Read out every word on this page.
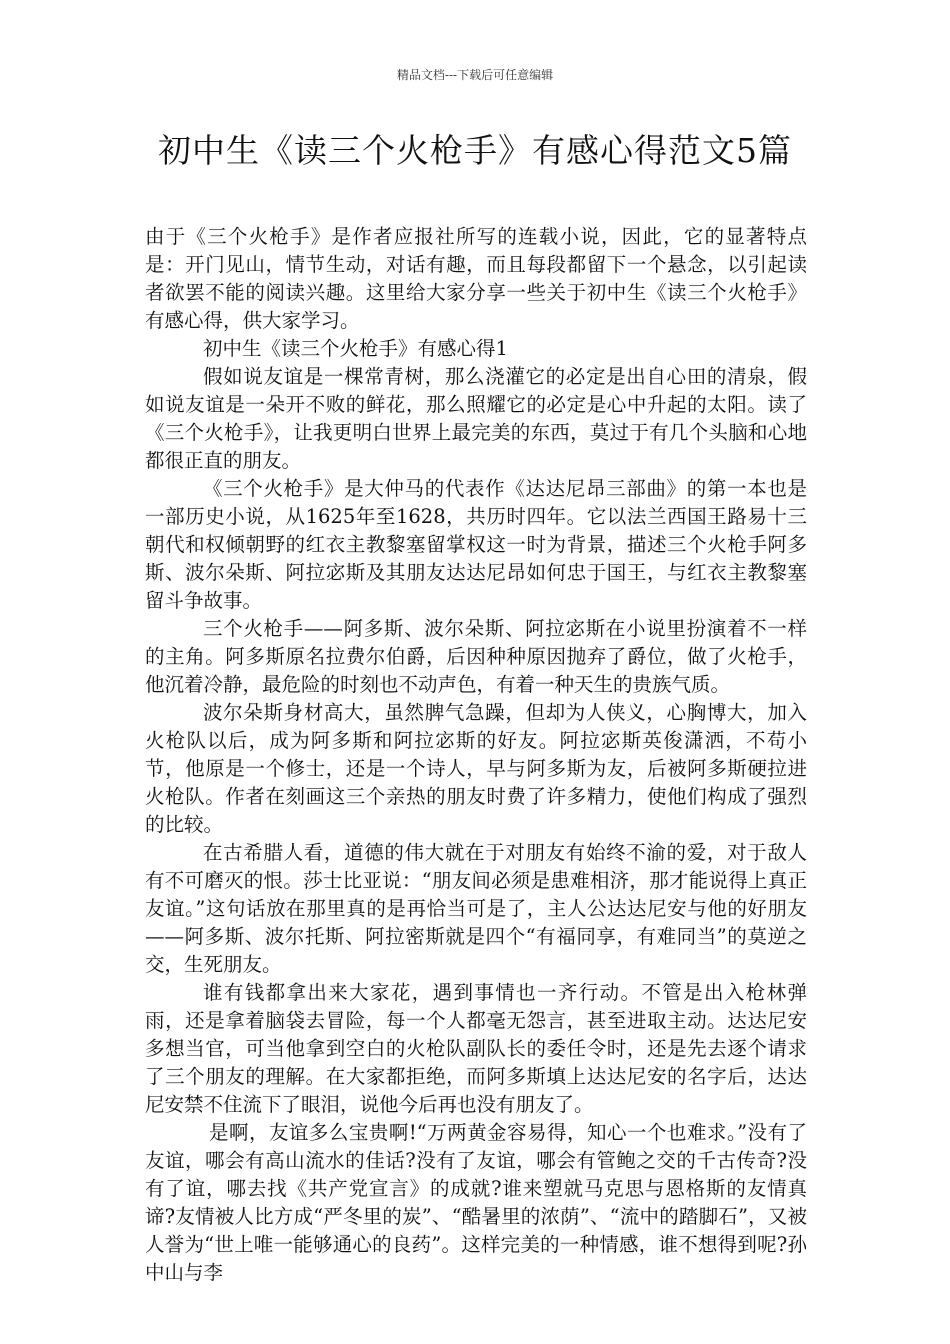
精品文档---下载后可任意编辑
初中生《读三个火枪手》有感心得范文5篇

由于《三个火枪手》是作者应报社所写的连载小说，因此，它的显著特点是：开门见山，情节生动，对话有趣，而且每段都留下一个悬念，以引起读者欲罢不能的阅读兴趣。这里给大家分享一些关于初中生《读三个火枪手》有感心得，供大家学习。

初中生《读三个火枪手》有感心得1

假如说友谊是一棵常青树，那么浇灌它的必定是出自心田的清泉，假如说友谊是一朵开不败的鲜花，那么照耀它的必定是心中升起的太阳。读了《三个火枪手》，让我更明白世界上最完美的东西，莫过于有几个头脑和心地都很正直的朋友。

《三个火枪手》是大仲马的代表作《达达尼昂三部曲》的第一本也是一部历史小说，从1625年至1628，共历时四年。它以法兰西国王路易十三朝代和权倾朝野的红衣主教黎塞留掌权这一时为背景，描述三个火枪手阿多斯、波尔朵斯、阿拉宓斯及其朋友达达尼昂如何忠于国王，与红衣主教黎塞留斗争故事。

三个火枪手——阿多斯、波尔朵斯、阿拉宓斯在小说里扮演着不一样的主角。阿多斯原名拉费尔伯爵，后因种种原因抛弃了爵位，做了火枪手，他沉着冷静，最危险的时刻也不动声色，有着一种天生的贵族气质。

波尔朵斯身材高大，虽然脾气急躁，但却为人侠义，心胸博大，加入火枪队以后，成为阿多斯和阿拉宓斯的好友。阿拉宓斯英俊潇洒，不苟小节，他原是一个修士，还是一个诗人，早与阿多斯为友，后被阿多斯硬拉进火枪队。作者在刻画这三个亲热的朋友时费了许多精力，使他们构成了强烈的比较。

在古希腊人看，道德的伟大就在于对朋友有始终不渝的爱，对于敌人有不可磨灭的恨。莎士比亚说：“朋友间必须是患难相济，那才能说得上真正友谊。”这句话放在那里真的是再恰当可是了，主人公达达尼安与他的好朋友——阿多斯、波尔托斯、阿拉密斯就是四个“有福同享，有难同当”的莫逆之交，生死朋友。

谁有钱都拿出来大家花，遇到事情也一齐行动。不管是出入枪林弹雨，还是拿着脑袋去冒险，每一个人都毫无怨言，甚至进取主动。达达尼安多想当官，可当他拿到空白的火枪队副队长的委任令时，还是先去逐个请求了三个朋友的理解。在大家都拒绝，而阿多斯填上达达尼安的名字后，达达尼安禁不住流下了眼泪，说他今后再也没有朋友了。

是啊，友谊多么宝贵啊!“万两黄金容易得，知心一个也难求。”没有了友谊，哪会有高山流水的佳话?没有了友谊，哪会有管鲍之交的千古传奇?没有了谊，哪去找《共产党宣言》的成就?谁来塑就马克思与恩格斯的友情真谛?友情被人比方成“严冬里的炭”、“酷暑里的浓荫”、“流中的踏脚石”，又被人誉为“世上唯一能够通心的良药”。这样完美的一种情感，谁不想得到呢?孙中山与李
